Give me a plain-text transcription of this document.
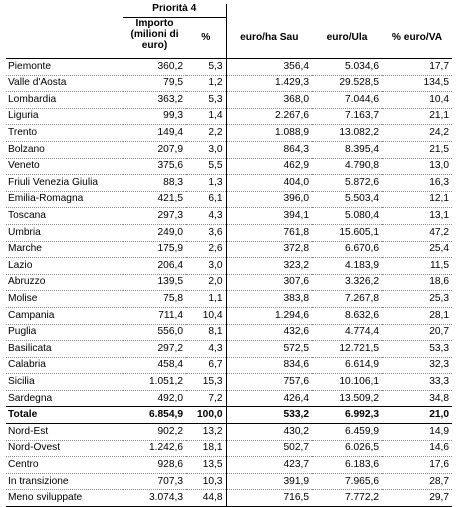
	Priorità 4				
	Importo (milioni di euro)	%	euro/ha Sau	euro/Ula	% euro/VA
Piemonte	360,2	5,3	356,4	5.034,6	17,7
Valle d'Aosta	79,5	1,2	1.429,3	29.528,5	134,5
Lombardia	363,2	5,3	368,0	7.044,6	10,4
Liguria	99,3	1,4	2.267,6	7.163,7	21,1
Trento	149,4	2,2	1.088,9	13.082,2	24,2
Bolzano	207,9	3,0	864,3	8.395,4	21,5
Veneto	375,6	5,5	462,9	4.790,8	13,0
Friuli Venezia Giulia	88,3	1,3	404,0	5.872,6	16,3
Emilia-Romagna	421,5	6,1	396,0	5.503,4	12,1
Toscana	297,3	4,3	394,1	5.080,4	13,1
Umbria	249,0	3,6	761,8	15.605,1	47,2
Marche	175,9	2,6	372,8	6.670,6	25,4
Lazio	206,4	3,0	323,2	4.183,9	11,5
Abruzzo	139,5	2,0	307,6	3.326,2	18,6
Molise	75,8	1,1	383,8	7.267,8	25,3
Campania	711,4	10,4	1.294,6	8.632,6	28,1
Puglia	556,0	8,1	432,6	4.774,4	20,7
Basilicata	297,2	4,3	572,5	12.721,5	53,3
Calabria	458,4	6,7	834,6	6.614,9	32,3
Sicilia	1.051,2	15,3	757,6	10.106,1	33,3
Sardegna	492,0	7,2	426,4	13.509,2	34,8
Totale	6.854,9	100,0	533,2	6.992,3	21,0
Nord-Est	902,2	13,2	430,2	6.459,9	14,9
Nord-Ovest	1.242,6	18,1	502,7	6.026,5	14,6
Centro	928,6	13,5	423,7	6.183,6	17,6
In transizione	707,3	10,3	391,9	7.965,6	28,7
Meno sviluppate	3.074,3	44,8	716,5	7.772,2	29,7
